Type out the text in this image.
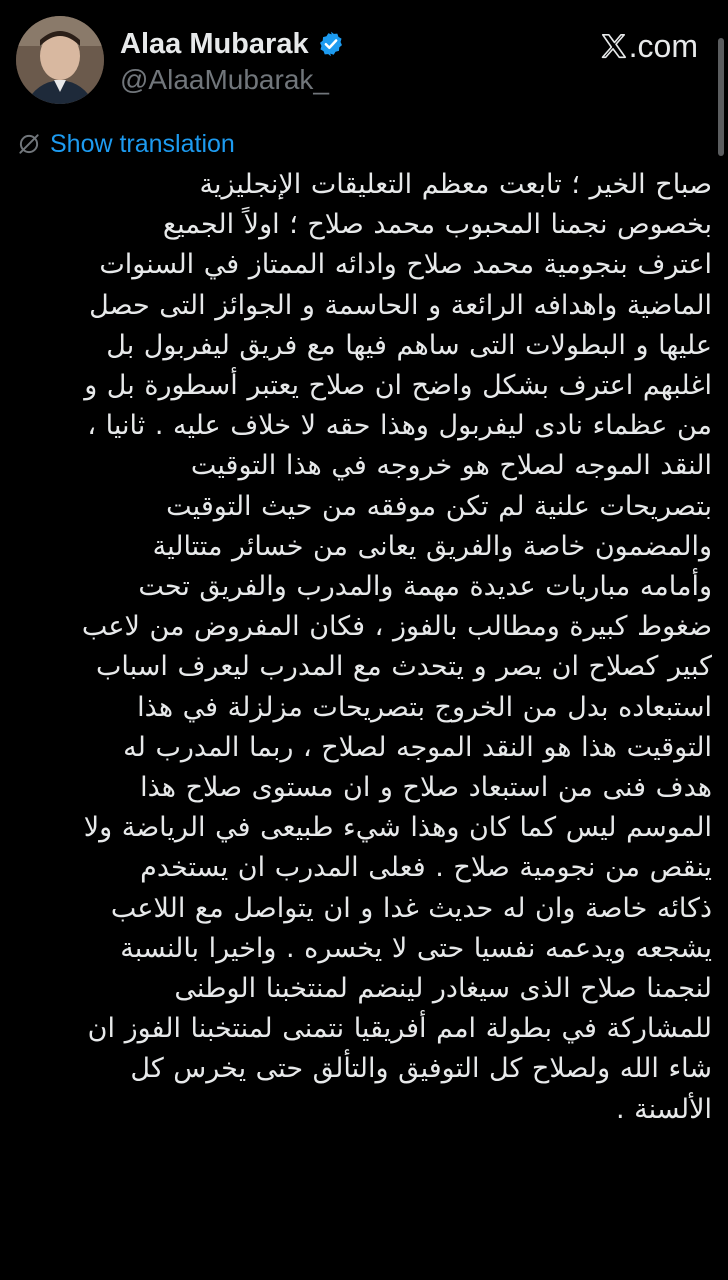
Alaa Mubarak
@AlaaMubarak_
.com
Show translation
صباح الخير ؛ تابعت معظم التعليقات الإنجليزية
بخصوص نجمنا المحبوب محمد صلاح ؛ اولاً الجميع
اعترف بنجومية محمد صلاح وادائه الممتاز في السنوات
الماضية واهدافه الرائعة و الحاسمة و الجوائز التى حصل
عليها و البطولات التى ساهم فيها مع فريق ليفربول بل
اغلبهم اعترف بشكل واضح ان صلاح يعتبر أسطورة بل و
من عظماء نادى ليفربول وهذا حقه لا خلاف عليه . ثانيا ،
النقد الموجه لصلاح هو خروجه في هذا التوقيت
بتصريحات علنية لم تكن موفقه من حيث التوقيت
والمضمون خاصة والفريق يعانى من خسائر متتالية
وأمامه مباريات عديدة مهمة والمدرب والفريق تحت
ضغوط كبيرة ومطالب بالفوز ، فكان المفروض من لاعب
كبير كصلاح ان يصر و يتحدث مع المدرب ليعرف اسباب
استبعاده بدل من الخروج بتصريحات مزلزلة في هذا
التوقيت هذا هو النقد الموجه لصلاح ، ربما المدرب له
هدف فنى من استبعاد صلاح و ان مستوى صلاح هذا
الموسم ليس كما كان وهذا شيء طبيعى في الرياضة ولا
ينقص من نجومية صلاح . فعلى المدرب ان يستخدم
ذكائه خاصة وان له حديث غدا و ان يتواصل مع اللاعب
يشجعه ويدعمه نفسيا حتى لا يخسره . واخيرا بالنسبة
لنجمنا صلاح الذى سيغادر لينضم لمنتخبنا الوطنى
للمشاركة في بطولة امم أفريقيا نتمنى لمنتخبنا الفوز ان
شاء الله ولصلاح كل التوفيق والتألق حتى يخرس كل
الألسنة .
